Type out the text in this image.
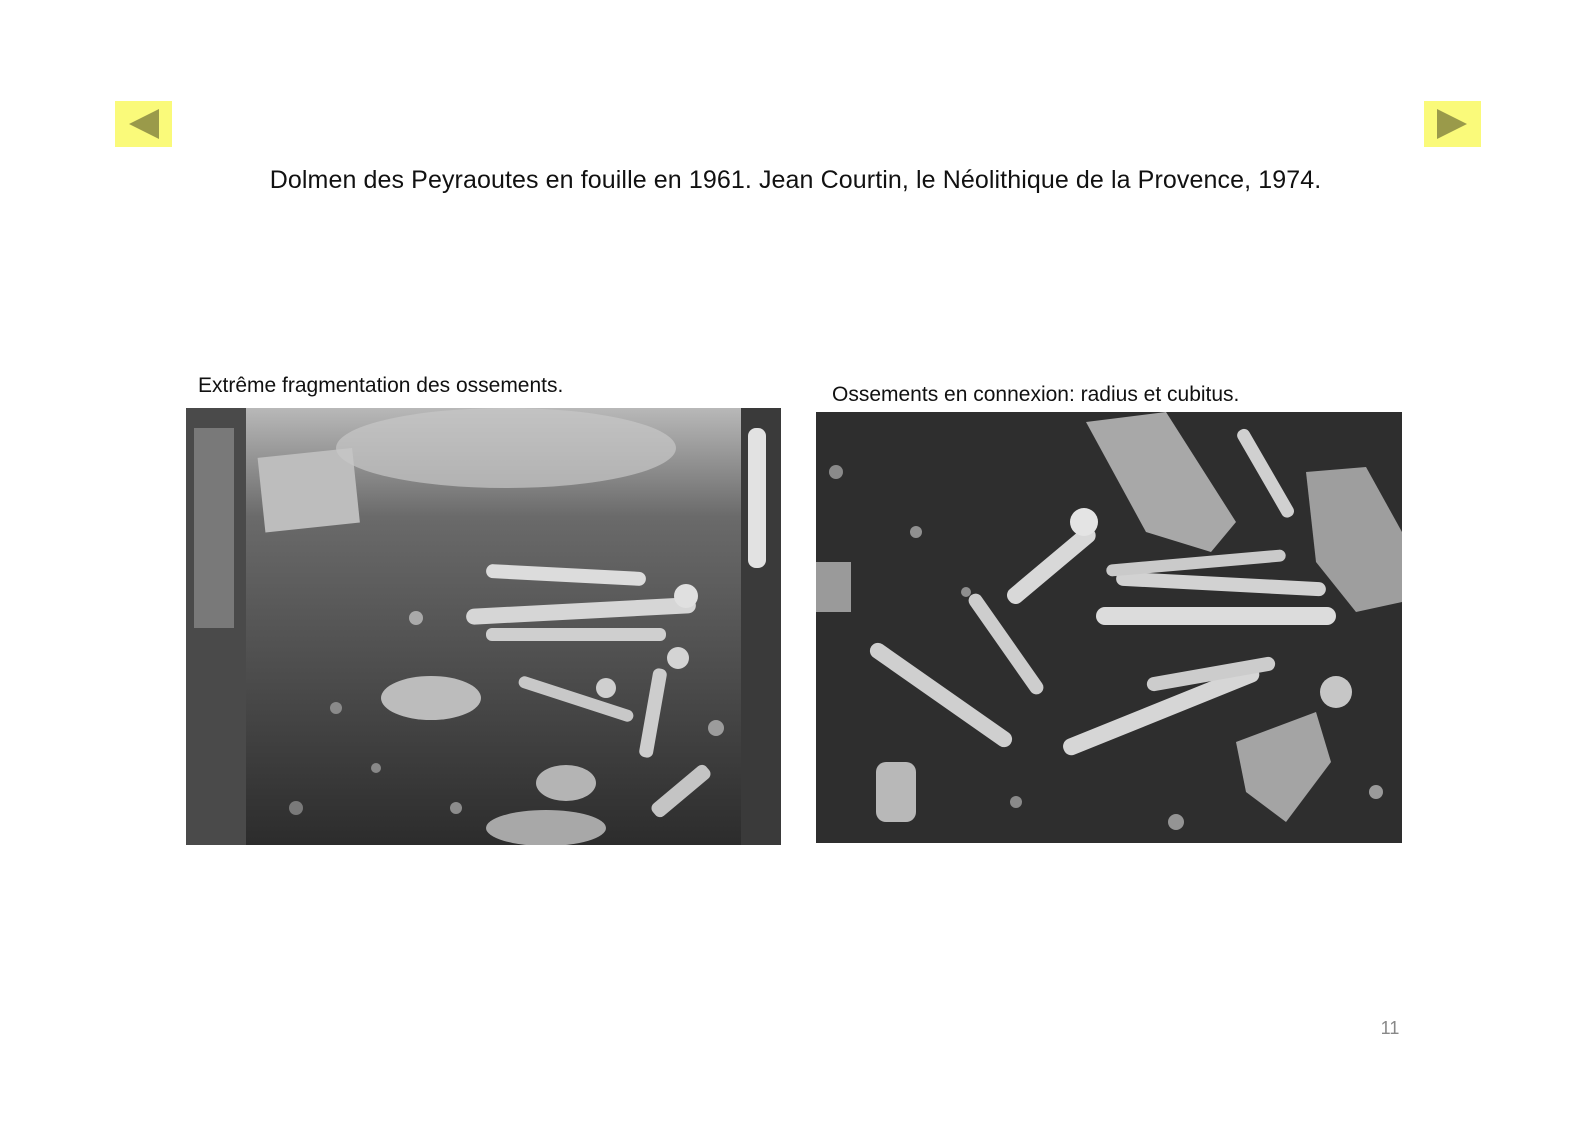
Dolmen des Peyraoutes en fouille en 1961. Jean Courtin, le Néolithique de la Provence, 1974.
Extrême fragmentation des ossements.	Ossements en connexion: radius et cubitus.
11
